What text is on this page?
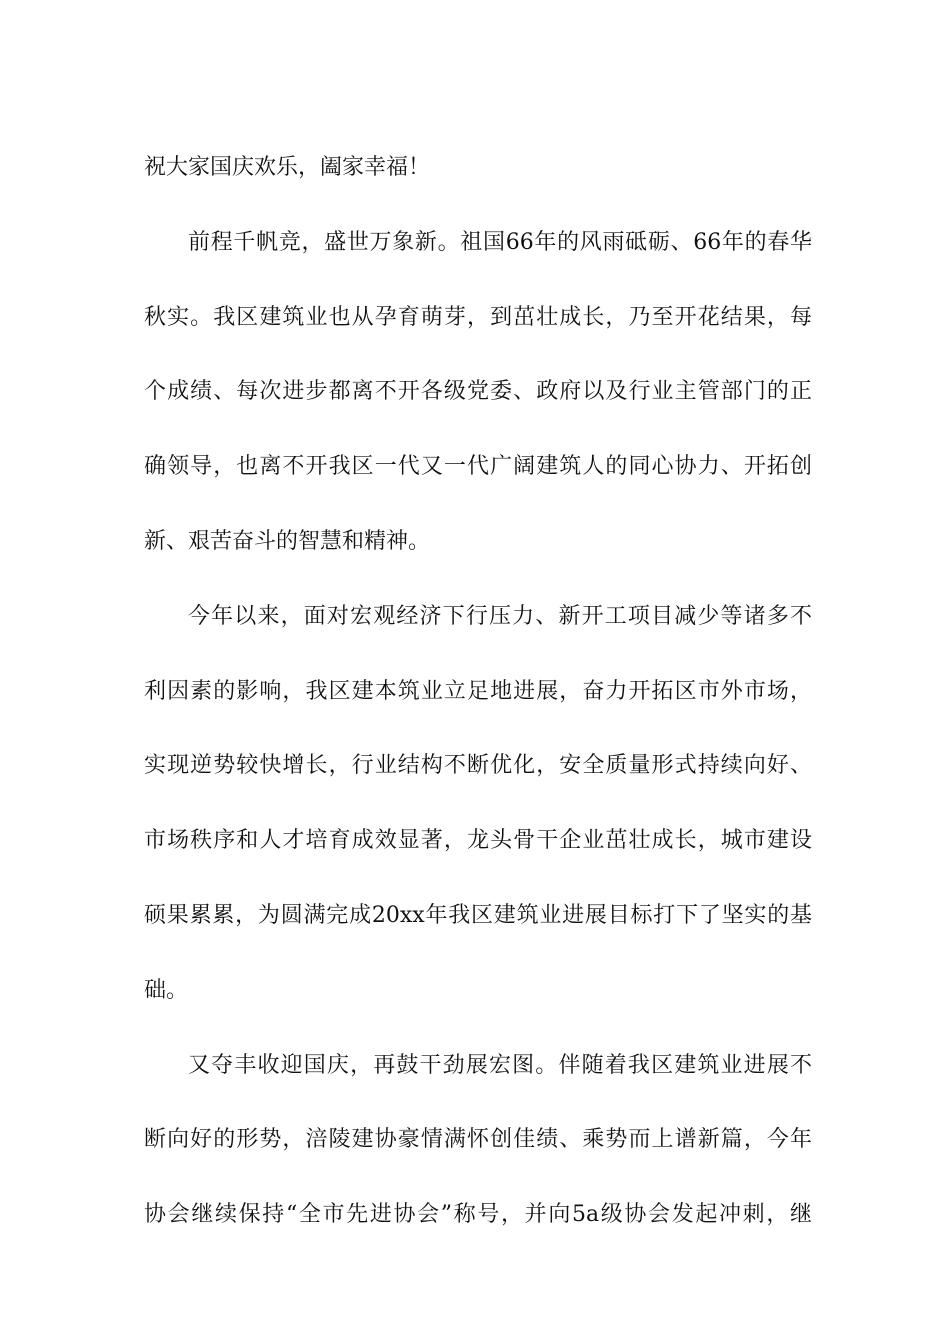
祝大家国庆欢乐，阖家幸福！
前程千帆竞，盛世万象新。祖国66年的风雨砥砺、66年的春华
秋实。我区建筑业也从孕育萌芽，到茁壮成长，乃至开花结果，每
个成绩、每次进步都离不开各级党委、政府以及行业主管部门的正
确领导，也离不开我区一代又一代广阔建筑人的同心协力、开拓创
新、艰苦奋斗的智慧和精神。
今年以来，面对宏观经济下行压力、新开工项目减少等诸多不
利因素的影响，我区建本筑业立足地进展，奋力开拓区市外市场，
实现逆势较快增长，行业结构不断优化，安全质量形式持续向好、
市场秩序和人才培育成效显著，龙头骨干企业茁壮成长，城市建设
硕果累累，为圆满完成20xx年我区建筑业进展目标打下了坚实的基
础。
又夺丰收迎国庆，再鼓干劲展宏图。伴随着我区建筑业进展不
断向好的形势，涪陵建协豪情满怀创佳绩、乘势而上谱新篇，今年
协会继续保持“全市先进协会”称号，并向5a级协会发起冲刺，继
